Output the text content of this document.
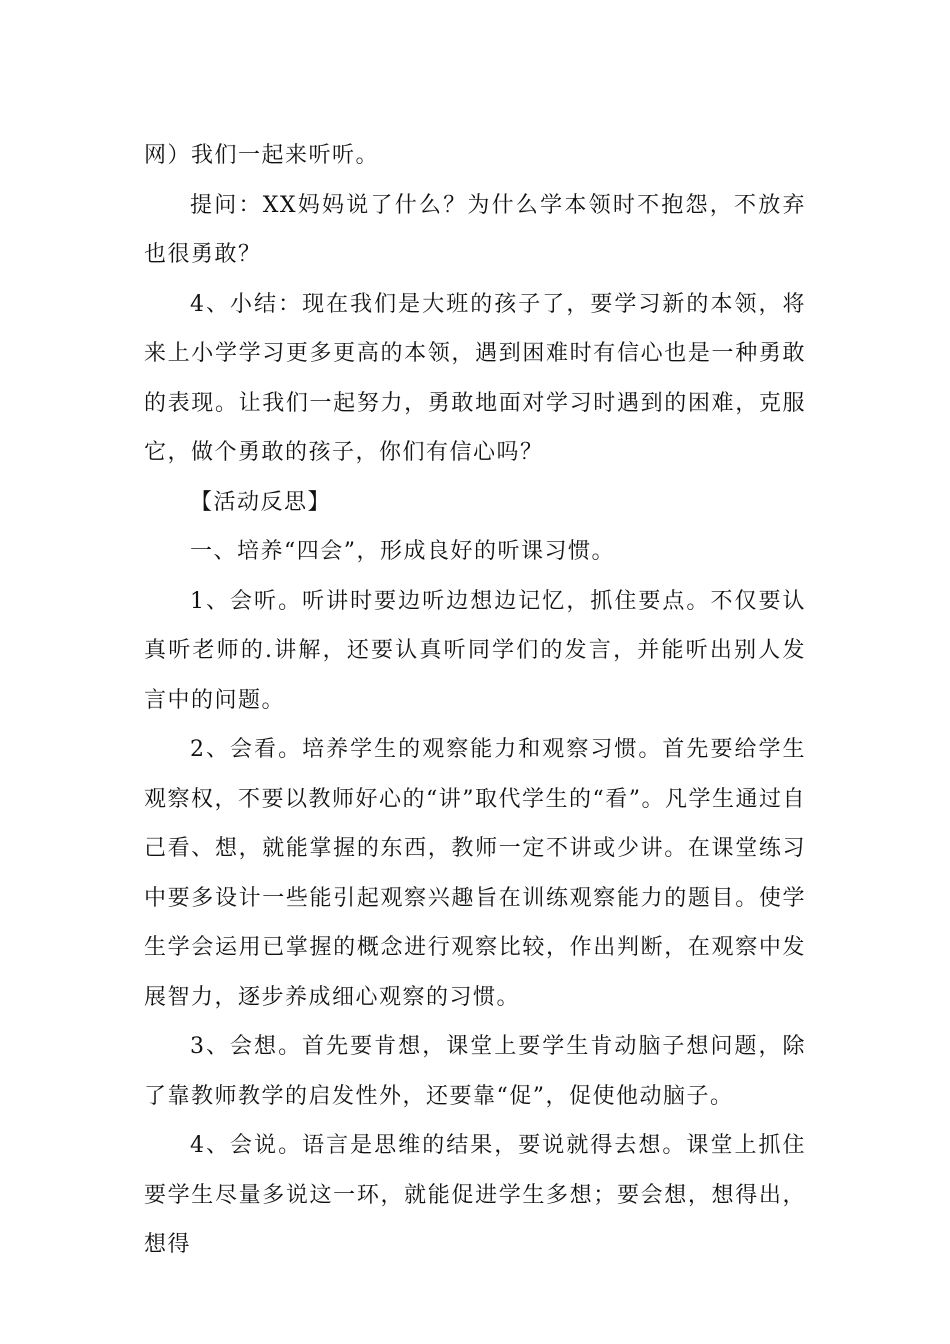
网）我们一起来听听。

提问：XX妈妈说了什么？为什么学本领时不抱怨，不放弃也很勇敢？

4、小结：现在我们是大班的孩子了，要学习新的本领，将来上小学学习更多更高的本领，遇到困难时有信心也是一种勇敢的表现。让我们一起努力，勇敢地面对学习时遇到的困难，克服它，做个勇敢的孩子，你们有信心吗？

【活动反思】

一、培养“四会”，形成良好的听课习惯。

1、会听。听讲时要边听边想边记忆，抓住要点。不仅要认真听老师的.讲解，还要认真听同学们的发言，并能听出别人发言中的问题。

2、会看。培养学生的观察能力和观察习惯。首先要给学生观察权，不要以教师好心的“讲”取代学生的“看”。凡学生通过自己看、想，就能掌握的东西，教师一定不讲或少讲。在课堂练习中要多设计一些能引起观察兴趣旨在训练观察能力的题目。使学生学会运用已掌握的概念进行观察比较，作出判断，在观察中发展智力，逐步养成细心观察的习惯。

3、会想。首先要肯想，课堂上要学生肯动脑子想问题，除了靠教师教学的启发性外，还要靠“促”，促使他动脑子。

4、会说。语言是思维的结果，要说就得去想。课堂上抓住要学生尽量多说这一环，就能促进学生多想；要会想，想得出，想得
